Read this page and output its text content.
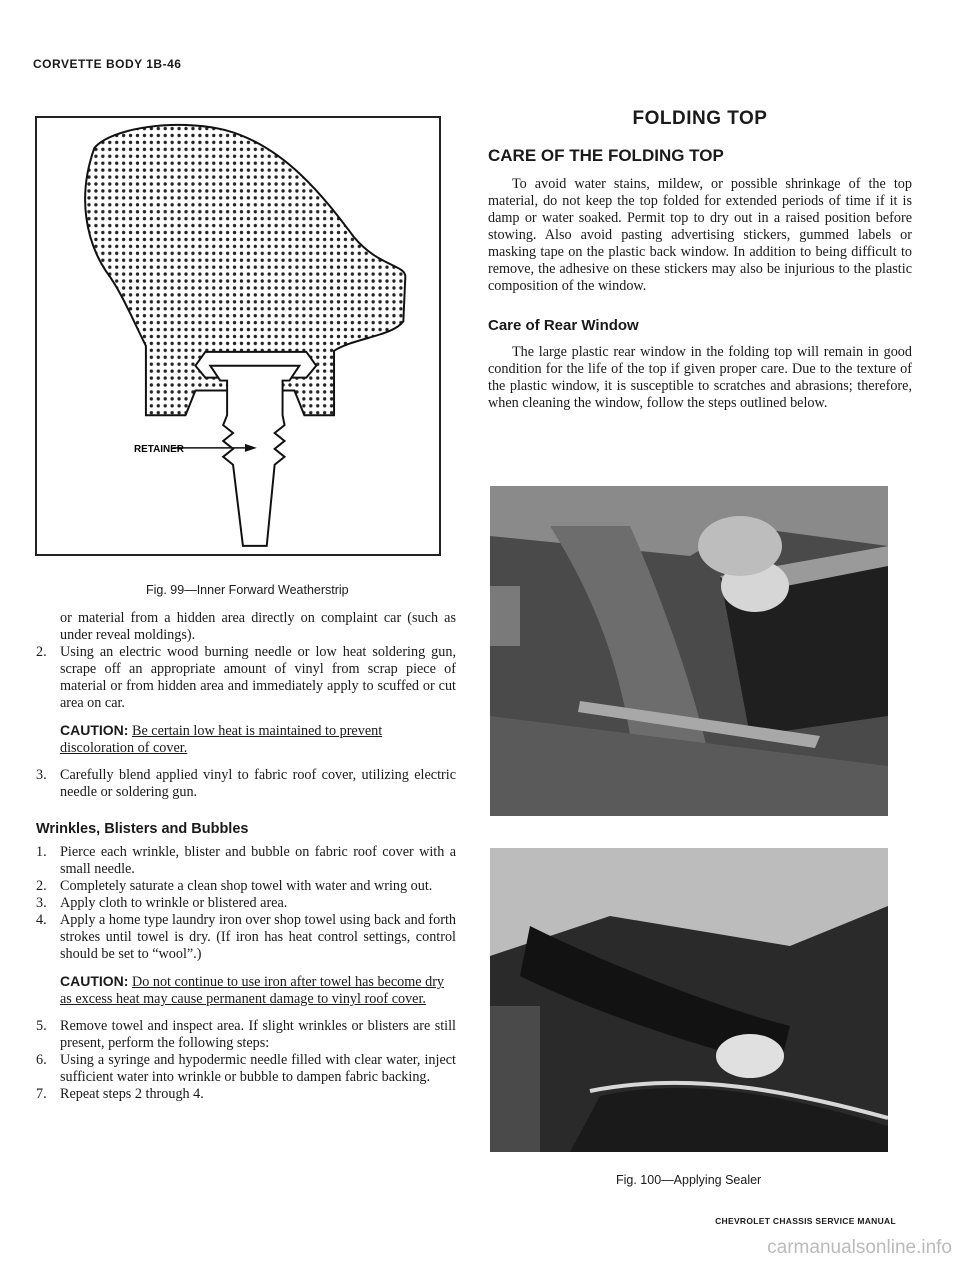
CORVETTE BODY 1B-46
RETAINER
Fig. 99—Inner Forward Weatherstrip

or material from a hidden area directly on complaint car (such as under reveal moldings).

2. Using an electric wood burning needle or low heat soldering gun, scrape off an appropriate amount of vinyl from scrap piece of material or from hidden area and immediately apply to scuffed or cut area on car.
CAUTION: Be certain low heat is maintained to prevent discoloration of cover.
3. Carefully blend applied vinyl to fabric roof cover, utilizing electric needle or soldering gun.
Wrinkles, Blisters and Bubbles
1. Pierce each wrinkle, blister and bubble on fabric roof cover with a small needle.
2. Completely saturate a clean shop towel with water and wring out.
3. Apply cloth to wrinkle or blistered area.
4. Apply a home type laundry iron over shop towel using back and forth strokes until towel is dry. (If iron has heat control settings, control should be set to “wool”.)
CAUTION: Do not continue to use iron after towel has become dry as excess heat may cause permanent damage to vinyl roof cover.
5. Remove towel and inspect area. If slight wrinkles or blisters are still present, perform the following steps:
6. Using a syringe and hypodermic needle filled with clear water, inject sufficient water into wrinkle or bubble to dampen fabric backing.
7. Repeat steps 2 through 4.
FOLDING TOP
CARE OF THE FOLDING TOP

To avoid water stains, mildew, or possible shrinkage of the top material, do not keep the top folded for extended periods of time if it is damp or water soaked. Permit top to dry out in a raised position before stowing. Also avoid pasting advertising stickers, gummed labels or masking tape on the plastic back window. In addition to being difficult to remove, the adhesive on these stickers may also be injurious to the plastic composition of the window.

Care of Rear Window

The large plastic rear window in the folding top will remain in good condition for the life of the top if given proper care. Due to the texture of the plastic window, it is susceptible to scratches and abrasions; therefore, when cleaning the window, follow the steps outlined below.

Fig. 100—Applying Sealer
CHEVROLET CHASSIS SERVICE MANUAL
carmanualsonline.info
